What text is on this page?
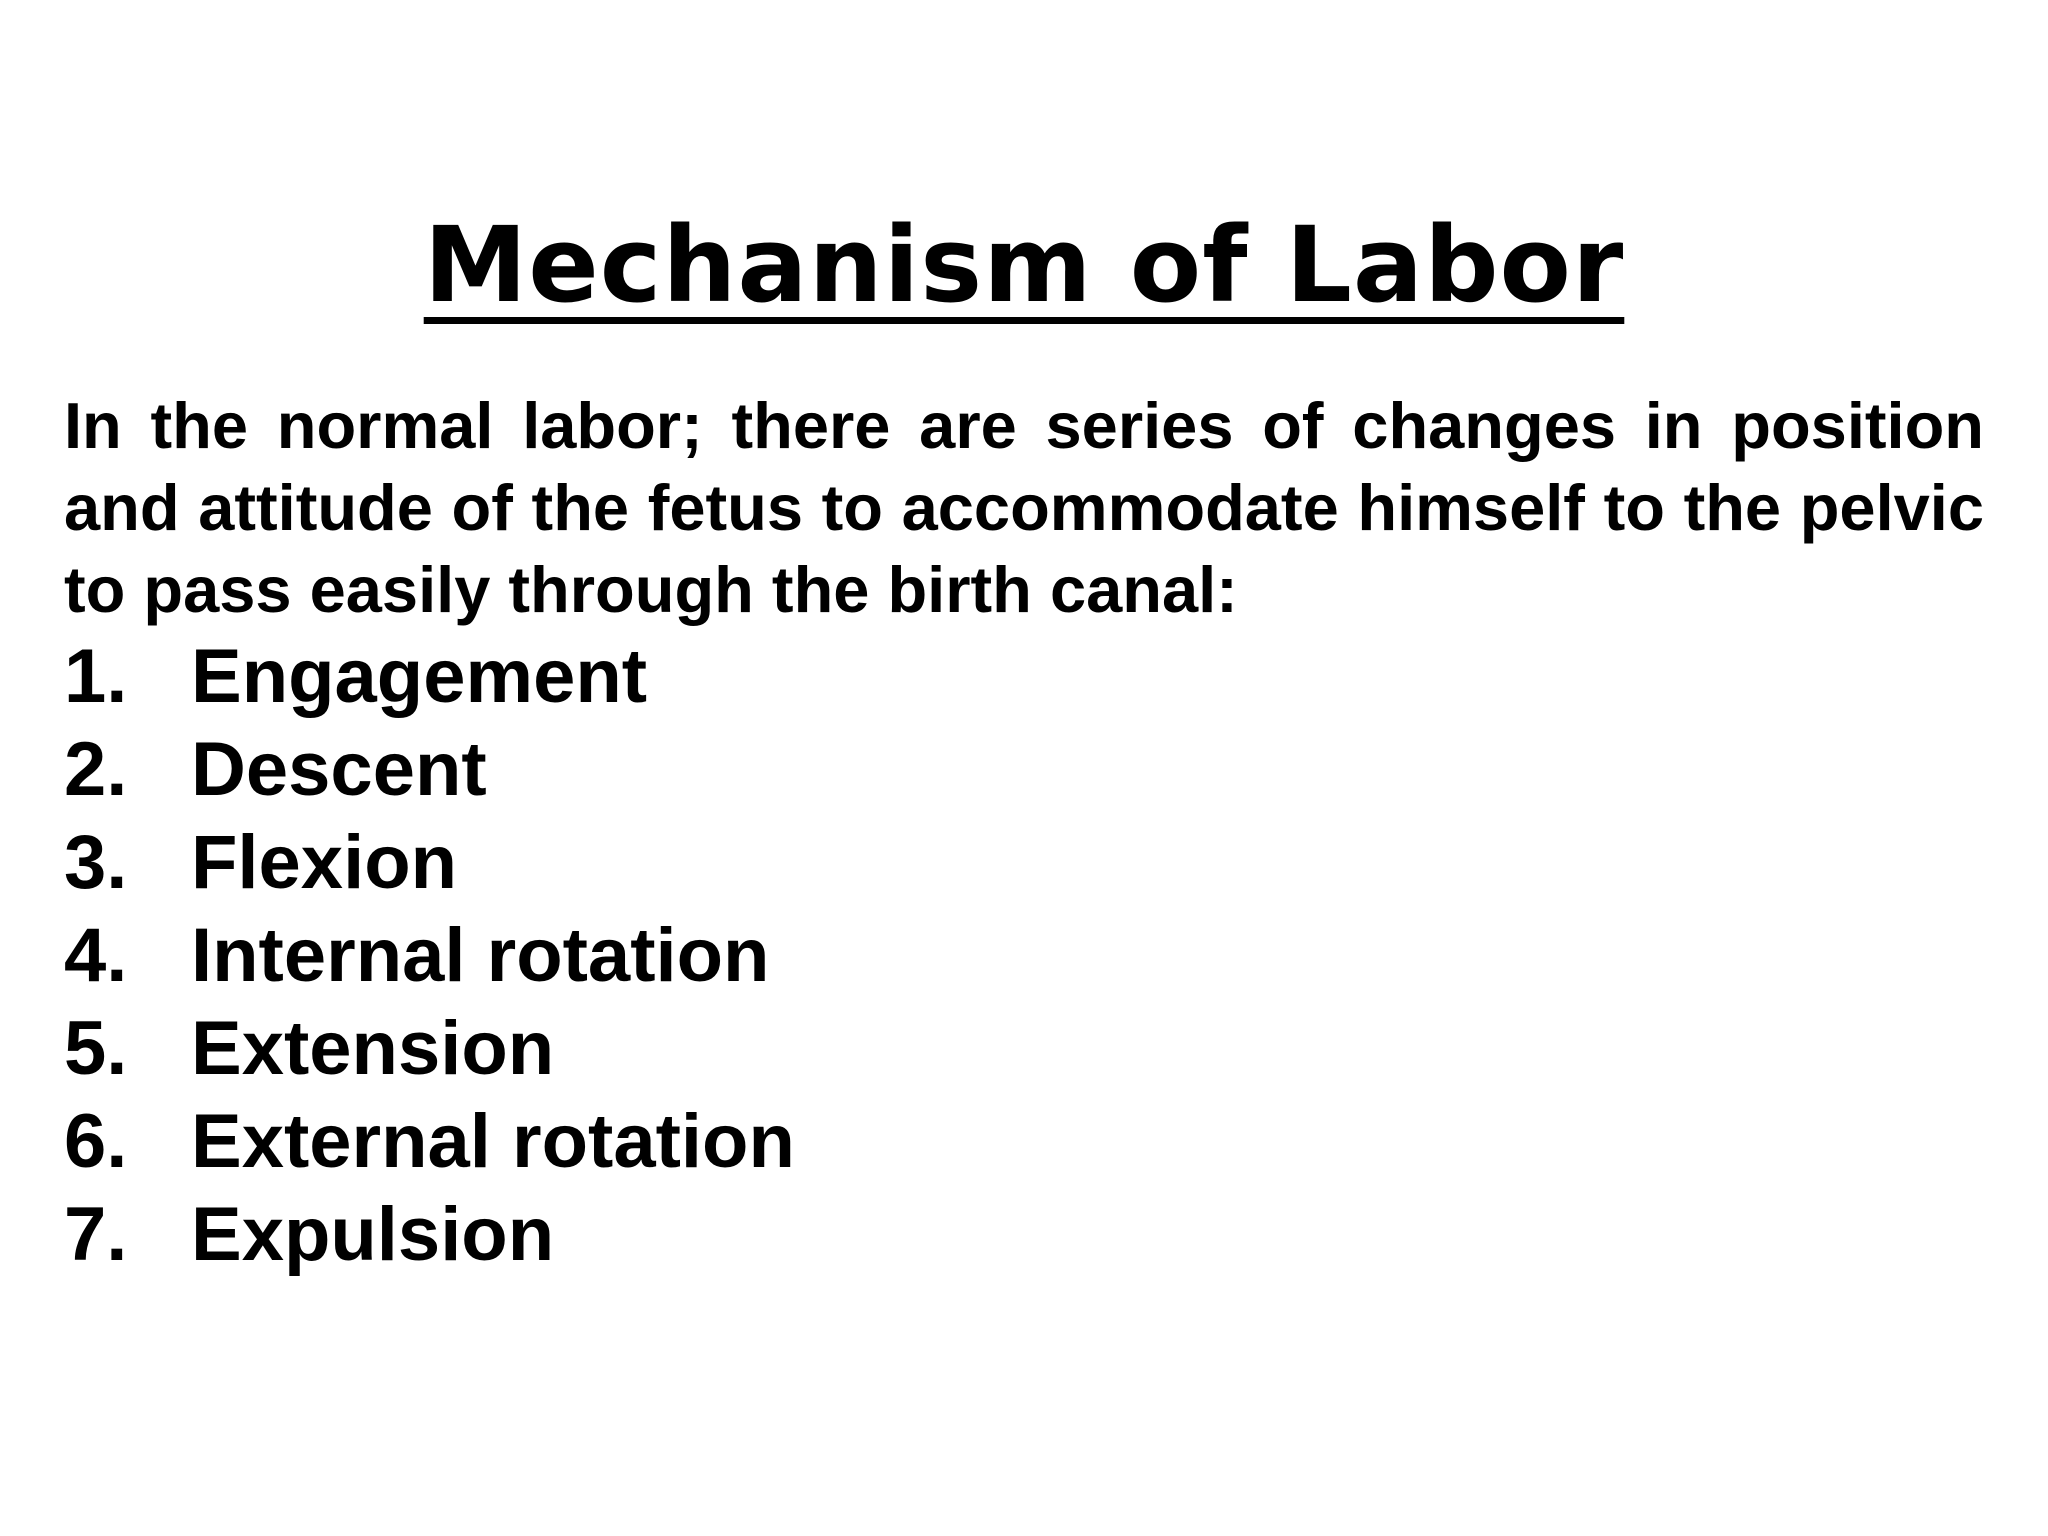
Mechanism of Labor
In the normal labor; there are series of changes in position and attitude of the fetus to accommodate himself to the pelvic to pass easily through the birth canal:
1. Engagement
2. Descent
3. Flexion
4. Internal rotation
5. Extension
6. External rotation
7. Expulsion
